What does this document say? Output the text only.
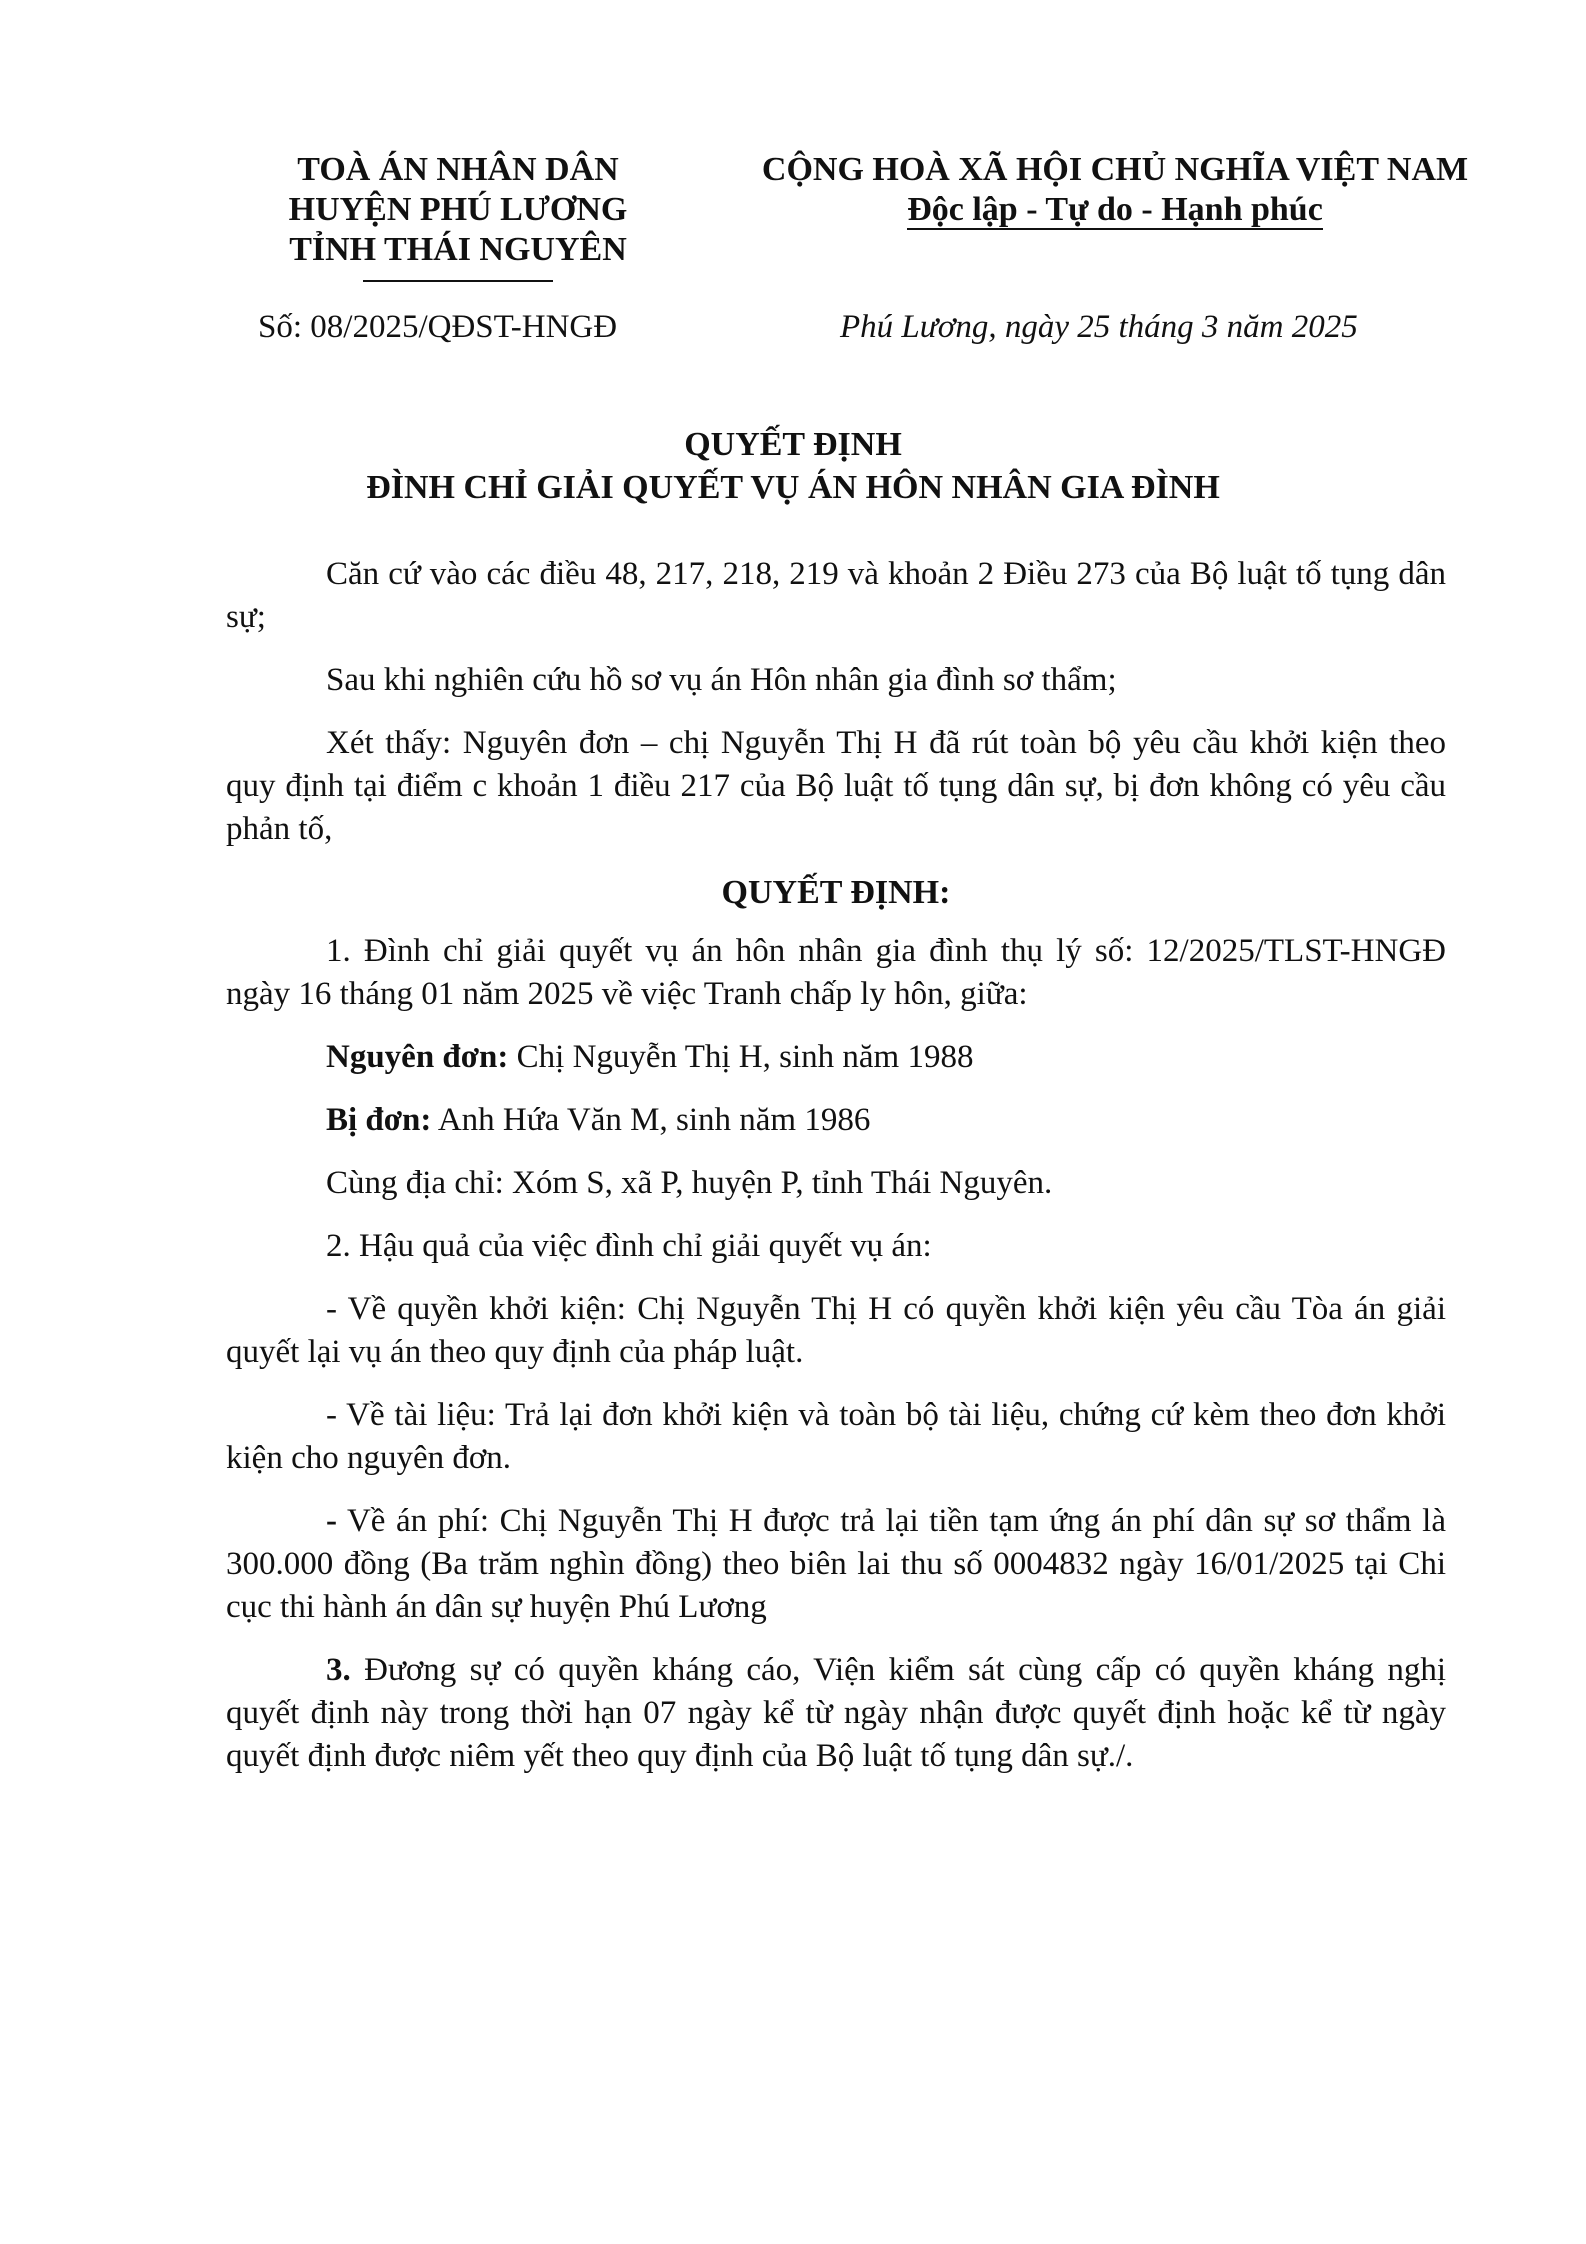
TOÀ ÁN NHÂN DÂN
HUYỆN PHÚ LƯƠNG
TỈNH THÁI NGUYÊN
CỘNG HOÀ XÃ HỘI CHỦ NGHĨA VIỆT NAM
Độc lập - Tự do - Hạnh phúc
Số: 08/2025/QĐST-HNGĐ	Phú Lương, ngày 25 tháng 3 năm 2025
QUYẾT ĐỊNH
ĐÌNH CHỈ GIẢI QUYẾT VỤ ÁN HÔN NHÂN GIA ĐÌNH

Căn cứ vào các điều 48, 217, 218, 219 và khoản 2 Điều 273 của Bộ luật tố tụng dân sự;

Sau khi nghiên cứu hồ sơ vụ án Hôn nhân gia đình sơ thẩm;

Xét thấy: Nguyên đơn – chị Nguyễn Thị H đã rút toàn bộ yêu cầu khởi kiện theo quy định tại điểm c khoản 1 điều 217 của Bộ luật tố tụng dân sự, bị đơn không có yêu cầu phản tố,

QUYẾT ĐỊNH:

1. Đình chỉ giải quyết vụ án hôn nhân gia đình thụ lý số: 12/2025/TLST-HNGĐ ngày 16 tháng 01 năm 2025 về việc Tranh chấp ly hôn, giữa:

Nguyên đơn: Chị Nguyễn Thị H, sinh năm 1988

Bị đơn: Anh Hứa Văn M, sinh năm 1986

Cùng địa chỉ: Xóm S, xã P, huyện P, tỉnh Thái Nguyên.

2. Hậu quả của việc đình chỉ giải quyết vụ án:

- Về quyền khởi kiện: Chị Nguyễn Thị H có quyền khởi kiện yêu cầu Tòa án giải quyết lại vụ án theo quy định của pháp luật.

- Về tài liệu: Trả lại đơn khởi kiện và toàn bộ tài liệu, chứng cứ kèm theo đơn khởi kiện cho nguyên đơn.

- Về án phí: Chị Nguyễn Thị H được trả lại tiền tạm ứng án phí dân sự sơ thẩm là 300.000 đồng (Ba trăm nghìn đồng) theo biên lai thu số 0004832 ngày 16/01/2025 tại Chi cục thi hành án dân sự huyện Phú Lương

3. Đương sự có quyền kháng cáo, Viện kiểm sát cùng cấp có quyền kháng nghị quyết định này trong thời hạn 07 ngày kể từ ngày nhận được quyết định hoặc kể từ ngày quyết định được niêm yết theo quy định của Bộ luật tố tụng dân sự./.
